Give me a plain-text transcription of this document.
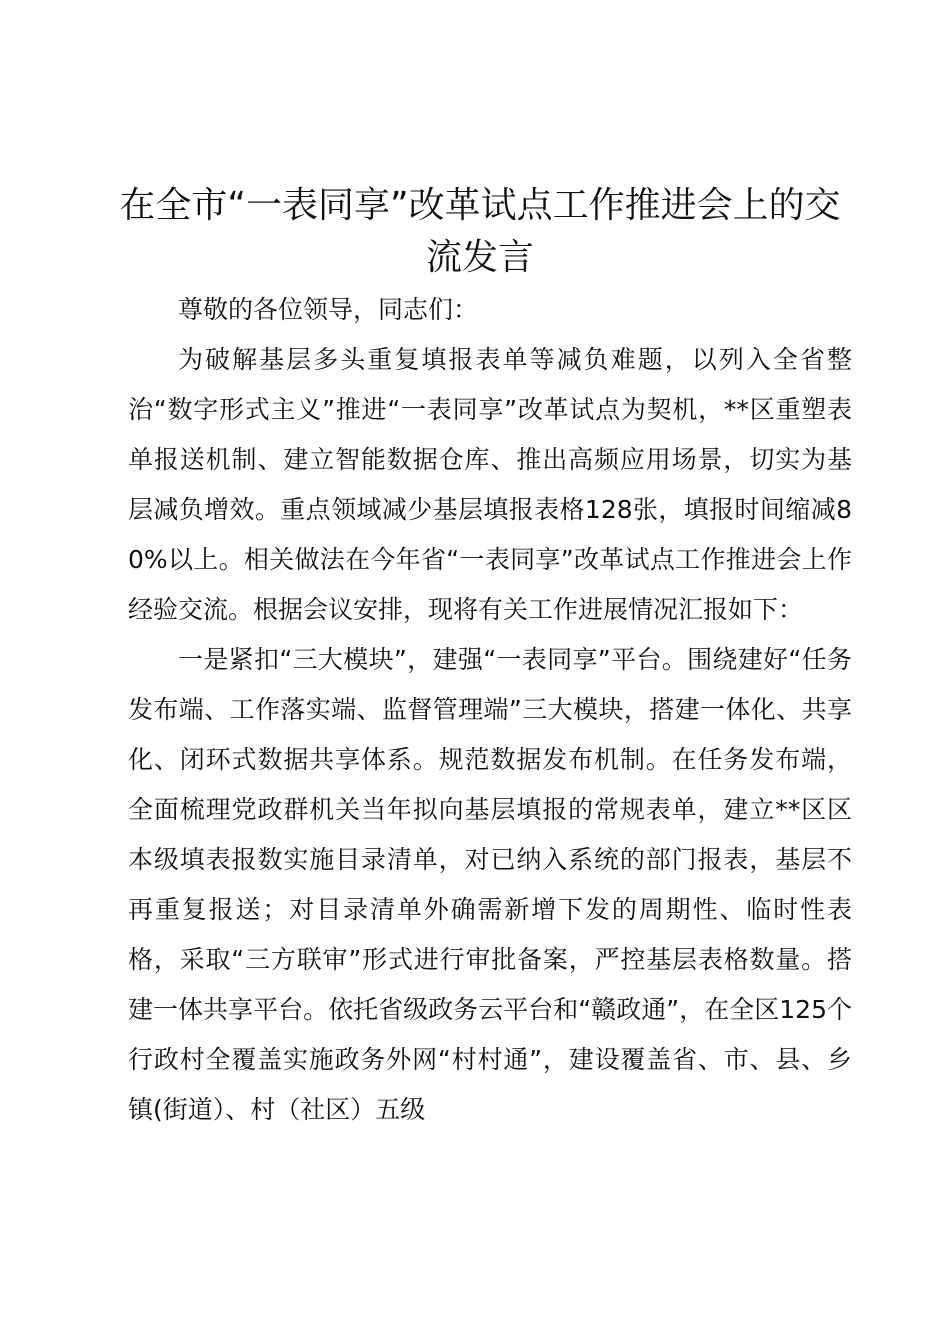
在全市“一表同享”改革试点工作推进会上的交流发言

尊敬的各位领导，同志们：

为破解基层多头重复填报表单等减负难题，以列入全省整治“数字形式主义”推进“一表同享”改革试点为契机，**区重塑表单报送机制、建立智能数据仓库、推出高频应用场景，切实为基层减负增效。重点领域减少基层填报表格128张，填报时间缩减80%以上。相关做法在今年省“一表同享”改革试点工作推进会上作经验交流。根据会议安排，现将有关工作进展情况汇报如下：

一是紧扣“三大模块”，建强“一表同享”平台。围绕建好“任务发布端、工作落实端、监督管理端”三大模块，搭建一体化、共享化、闭环式数据共享体系。规范数据发布机制。在任务发布端，全面梳理党政群机关当年拟向基层填报的常规表单，建立**区区本级填表报数实施目录清单，对已纳入系统的部门报表，基层不再重复报送；对目录清单外确需新增下发的周期性、临时性表格，采取“三方联审”形式进行审批备案，严控基层表格数量。搭建一体共享平台。依托省级政务云平台和“赣政通”，在全区125个行政村全覆盖实施政务外网“村村通”，建设覆盖省、市、县、乡镇(街道）、村（社区）五级
